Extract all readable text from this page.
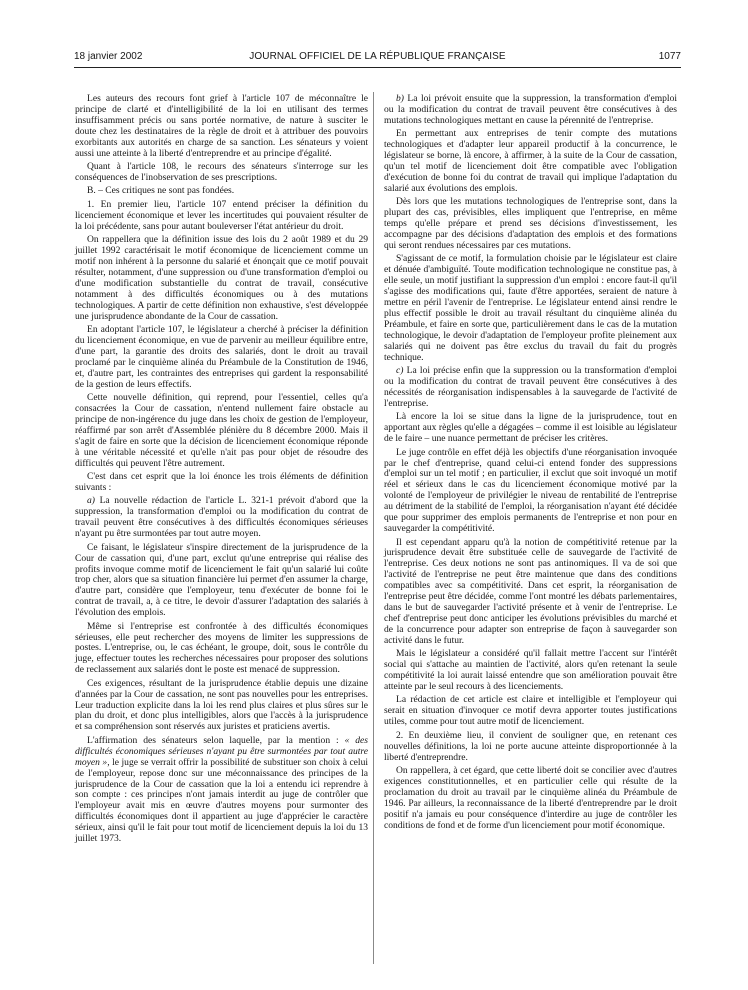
18 janvier 2002	JOURNAL OFFICIEL DE LA RÉPUBLIQUE FRANÇAISE	1077

Les auteurs des recours font grief à l'article 107 de méconnaître le principe de clarté et d'intelligibilité de la loi en utilisant des termes insuffisamment précis ou sans portée normative, de nature à susciter le doute chez les destinataires de la règle de droit et à attribuer des pouvoirs exorbitants aux autorités en charge de sa sanction. Les sénateurs y voient aussi une atteinte à la liberté d'entreprendre et au principe d'égalité.

Quant à l'article 108, le recours des sénateurs s'interroge sur les conséquences de l'inobservation de ses prescriptions.

B. – Ces critiques ne sont pas fondées.

1. En premier lieu, l'article 107 entend préciser la définition du licenciement économique et lever les incertitudes qui pouvaient résulter de la loi précédente, sans pour autant bouleverser l'état antérieur du droit.

On rappellera que la définition issue des lois du 2 août 1989 et du 29 juillet 1992 caractérisait le motif économique de licenciement comme un motif non inhérent à la personne du salarié et énonçait que ce motif pouvait résulter, notamment, d'une suppression ou d'une transformation d'emploi ou d'une modification substantielle du contrat de travail, consécutive notamment à des difficultés économiques ou à des mutations technologiques. A partir de cette définition non exhaustive, s'est développée une jurisprudence abondante de la Cour de cassation.

En adoptant l'article 107, le législateur a cherché à préciser la définition du licenciement économique, en vue de parvenir au meilleur équilibre entre, d'une part, la garantie des droits des salariés, dont le droit au travail proclamé par le cinquième alinéa du Préambule de la Constitution de 1946, et, d'autre part, les contraintes des entreprises qui gardent la responsabilité de la gestion de leurs effectifs.

Cette nouvelle définition, qui reprend, pour l'essentiel, celles qu'a consacrées la Cour de cassation, n'entend nullement faire obstacle au principe de non-ingérence du juge dans les choix de gestion de l'employeur, réaffirmé par son arrêt d'Assemblée plénière du 8 décembre 2000. Mais il s'agit de faire en sorte que la décision de licenciement économique réponde à une véritable nécessité et qu'elle n'ait pas pour objet de résoudre des difficultés qui peuvent l'être autrement.

C'est dans cet esprit que la loi énonce les trois éléments de définition suivants :

a) La nouvelle rédaction de l'article L. 321-1 prévoit d'abord que la suppression, la transformation d'emploi ou la modification du contrat de travail peuvent être consécutives à des difficultés économiques sérieuses n'ayant pu être surmontées par tout autre moyen.

Ce faisant, le législateur s'inspire directement de la jurisprudence de la Cour de cassation qui, d'une part, exclut qu'une entreprise qui réalise des profits invoque comme motif de licenciement le fait qu'un salarié lui coûte trop cher, alors que sa situation financière lui permet d'en assumer la charge, d'autre part, considère que l'employeur, tenu d'exécuter de bonne foi le contrat de travail, a, à ce titre, le devoir d'assurer l'adaptation des salariés à l'évolution des emplois.

Même si l'entreprise est confrontée à des difficultés économiques sérieuses, elle peut rechercher des moyens de limiter les suppressions de postes. L'entreprise, ou, le cas échéant, le groupe, doit, sous le contrôle du juge, effectuer toutes les recherches nécessaires pour proposer des solutions de reclassement aux salariés dont le poste est menacé de suppression.

Ces exigences, résultant de la jurisprudence établie depuis une dizaine d'années par la Cour de cassation, ne sont pas nouvelles pour les entreprises. Leur traduction explicite dans la loi les rend plus claires et plus sûres sur le plan du droit, et donc plus intelligibles, alors que l'accès à la jurisprudence et sa compréhension sont réservés aux juristes et praticiens avertis.

L'affirmation des sénateurs selon laquelle, par la mention : « des difficultés économiques sérieuses n'ayant pu être surmontées par tout autre moyen », le juge se verrait offrir la possibilité de substituer son choix à celui de l'employeur, repose donc sur une méconnaissance des principes de la jurisprudence de la Cour de cassation que la loi a entendu ici reprendre à son compte : ces principes n'ont jamais interdit au juge de contrôler que l'employeur avait mis en œuvre d'autres moyens pour surmonter des difficultés économiques dont il appartient au juge d'apprécier le caractère sérieux, ainsi qu'il le fait pour tout motif de licenciement depuis la loi du 13 juillet 1973.

b) La loi prévoit ensuite que la suppression, la transformation d'emploi ou la modification du contrat de travail peuvent être consécutives à des mutations technologiques mettant en cause la pérennité de l'entreprise.

En permettant aux entreprises de tenir compte des mutations technologiques et d'adapter leur appareil productif à la concurrence, le législateur se borne, là encore, à affirmer, à la suite de la Cour de cassation, qu'un tel motif de licenciement doit être compatible avec l'obligation d'exécution de bonne foi du contrat de travail qui implique l'adaptation du salarié aux évolutions des emplois.

Dès lors que les mutations technologiques de l'entreprise sont, dans la plupart des cas, prévisibles, elles impliquent que l'entreprise, en même temps qu'elle prépare et prend ses décisions d'investissement, les accompagne par des décisions d'adaptation des emplois et des formations qui seront rendues nécessaires par ces mutations.

S'agissant de ce motif, la formulation choisie par le législateur est claire et dénuée d'ambiguïté. Toute modification technologique ne constitue pas, à elle seule, un motif justifiant la suppression d'un emploi : encore faut-il qu'il s'agisse des modifications qui, faute d'être apportées, seraient de nature à mettre en péril l'avenir de l'entreprise. Le législateur entend ainsi rendre le plus effectif possible le droit au travail résultant du cinquième alinéa du Préambule, et faire en sorte que, particulièrement dans le cas de la mutation technologique, le devoir d'adaptation de l'employeur profite pleinement aux salariés qui ne doivent pas être exclus du travail du fait du progrès technique.

c) La loi précise enfin que la suppression ou la transformation d'emploi ou la modification du contrat de travail peuvent être consécutives à des nécessités de réorganisation indispensables à la sauvegarde de l'activité de l'entreprise.

Là encore la loi se situe dans la ligne de la jurisprudence, tout en apportant aux règles qu'elle a dégagées – comme il est loisible au législateur de le faire – une nuance permettant de préciser les critères.

Le juge contrôle en effet déjà les objectifs d'une réorganisation invoquée par le chef d'entreprise, quand celui-ci entend fonder des suppressions d'emploi sur un tel motif ; en particulier, il exclut que soit invoqué un motif réel et sérieux dans le cas du licenciement économique motivé par la volonté de l'employeur de privilégier le niveau de rentabilité de l'entreprise au détriment de la stabilité de l'emploi, la réorganisation n'ayant été décidée que pour supprimer des emplois permanents de l'entreprise et non pour en sauvegarder la compétitivité.

Il est cependant apparu qu'à la notion de compétitivité retenue par la jurisprudence devait être substituée celle de sauvegarde de l'activité de l'entreprise. Ces deux notions ne sont pas antinomiques. Il va de soi que l'activité de l'entreprise ne peut être maintenue que dans des conditions compatibles avec sa compétitivité. Dans cet esprit, la réorganisation de l'entreprise peut être décidée, comme l'ont montré les débats parlementaires, dans le but de sauvegarder l'activité présente et à venir de l'entreprise. Le chef d'entreprise peut donc anticiper les évolutions prévisibles du marché et de la concurrence pour adapter son entreprise de façon à sauvegarder son activité dans le futur.

Mais le législateur a considéré qu'il fallait mettre l'accent sur l'intérêt social qui s'attache au maintien de l'activité, alors qu'en retenant la seule compétitivité la loi aurait laissé entendre que son amélioration pouvait être atteinte par le seul recours à des licenciements.

La rédaction de cet article est claire et intelligible et l'employeur qui serait en situation d'invoquer ce motif devra apporter toutes justifications utiles, comme pour tout autre motif de licenciement.

2. En deuxième lieu, il convient de souligner que, en retenant ces nouvelles définitions, la loi ne porte aucune atteinte disproportionnée à la liberté d'entreprendre.

On rappellera, à cet égard, que cette liberté doit se concilier avec d'autres exigences constitutionnelles, et en particulier celle qui résulte de la proclamation du droit au travail par le cinquième alinéa du Préambule de 1946. Par ailleurs, la reconnaissance de la liberté d'entreprendre par le droit positif n'a jamais eu pour conséquence d'interdire au juge de contrôler les conditions de fond et de forme d'un licenciement pour motif économique.
